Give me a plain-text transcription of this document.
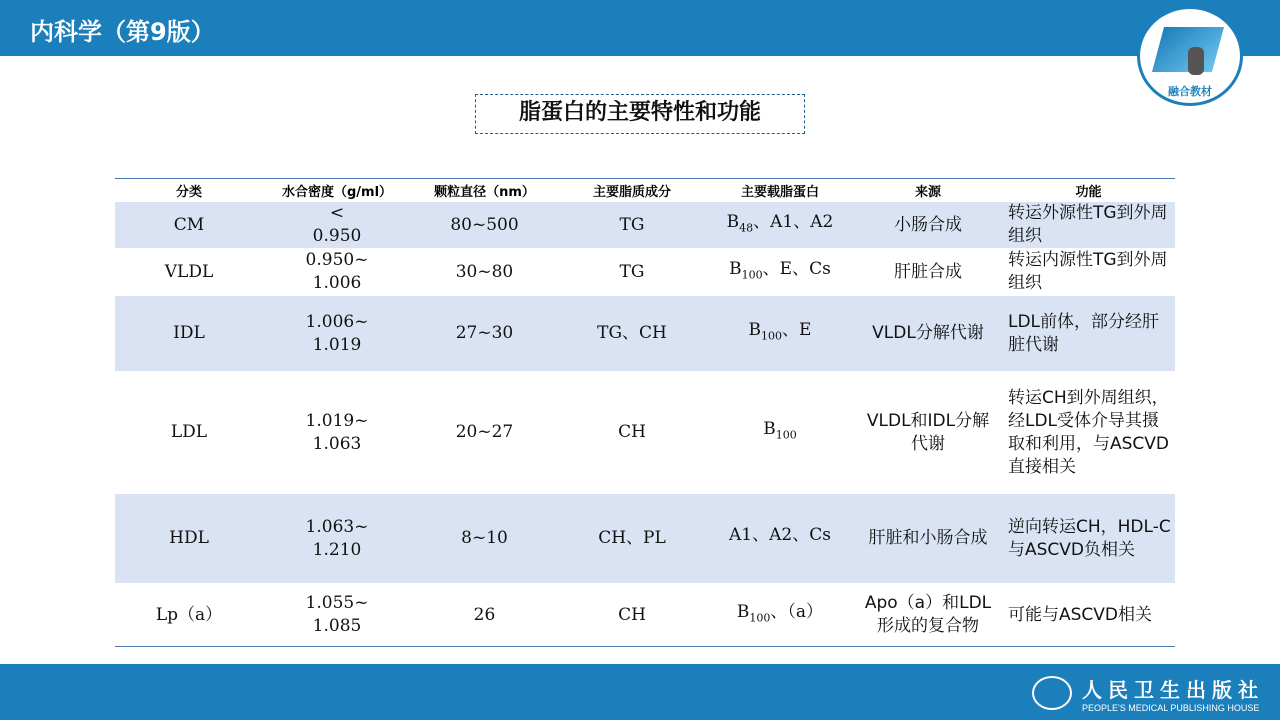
内科学（第9版）
融合教材
脂蛋白的主要特性和功能
分类	水合密度（g/ml）	颗粒直径（nm）	主要脂质成分	主要载脂蛋白	来源	功能
CM	< 0.950	80~500	TG	$B_{48}$、A1、A2	小肠合成	转运外源性TG到外周组织
VLDL	0.950~ 1.006	30~80	TG	$B_{100}$、E、Cs	肝脏合成	转运内源性TG到外周组织
IDL	1.006~ 1.019	27~30	TG、CH	$B_{100}$、E	VLDL分解代谢	LDL前体，部分经肝脏代谢
LDL	1.019~ 1.063	20~27	CH	$B_{100}$	VLDL和IDL分解代谢	转运CH到外周组织，经LDL受体介导其摄取和利用，与ASCVD直接相关
HDL	1.063~ 1.210	8~10	CH、PL	A1、A2、Cs	肝脏和小肠合成	逆向转运CH，HDL-C与ASCVD负相关
Lp（a）	1.055~ 1.085	26	CH	$B_{100}$、（a）	Apo（a）和LDL形成的复合物	可能与ASCVD相关
人民卫生出版社
PEOPLE'S MEDICAL PUBLISHING HOUSE
